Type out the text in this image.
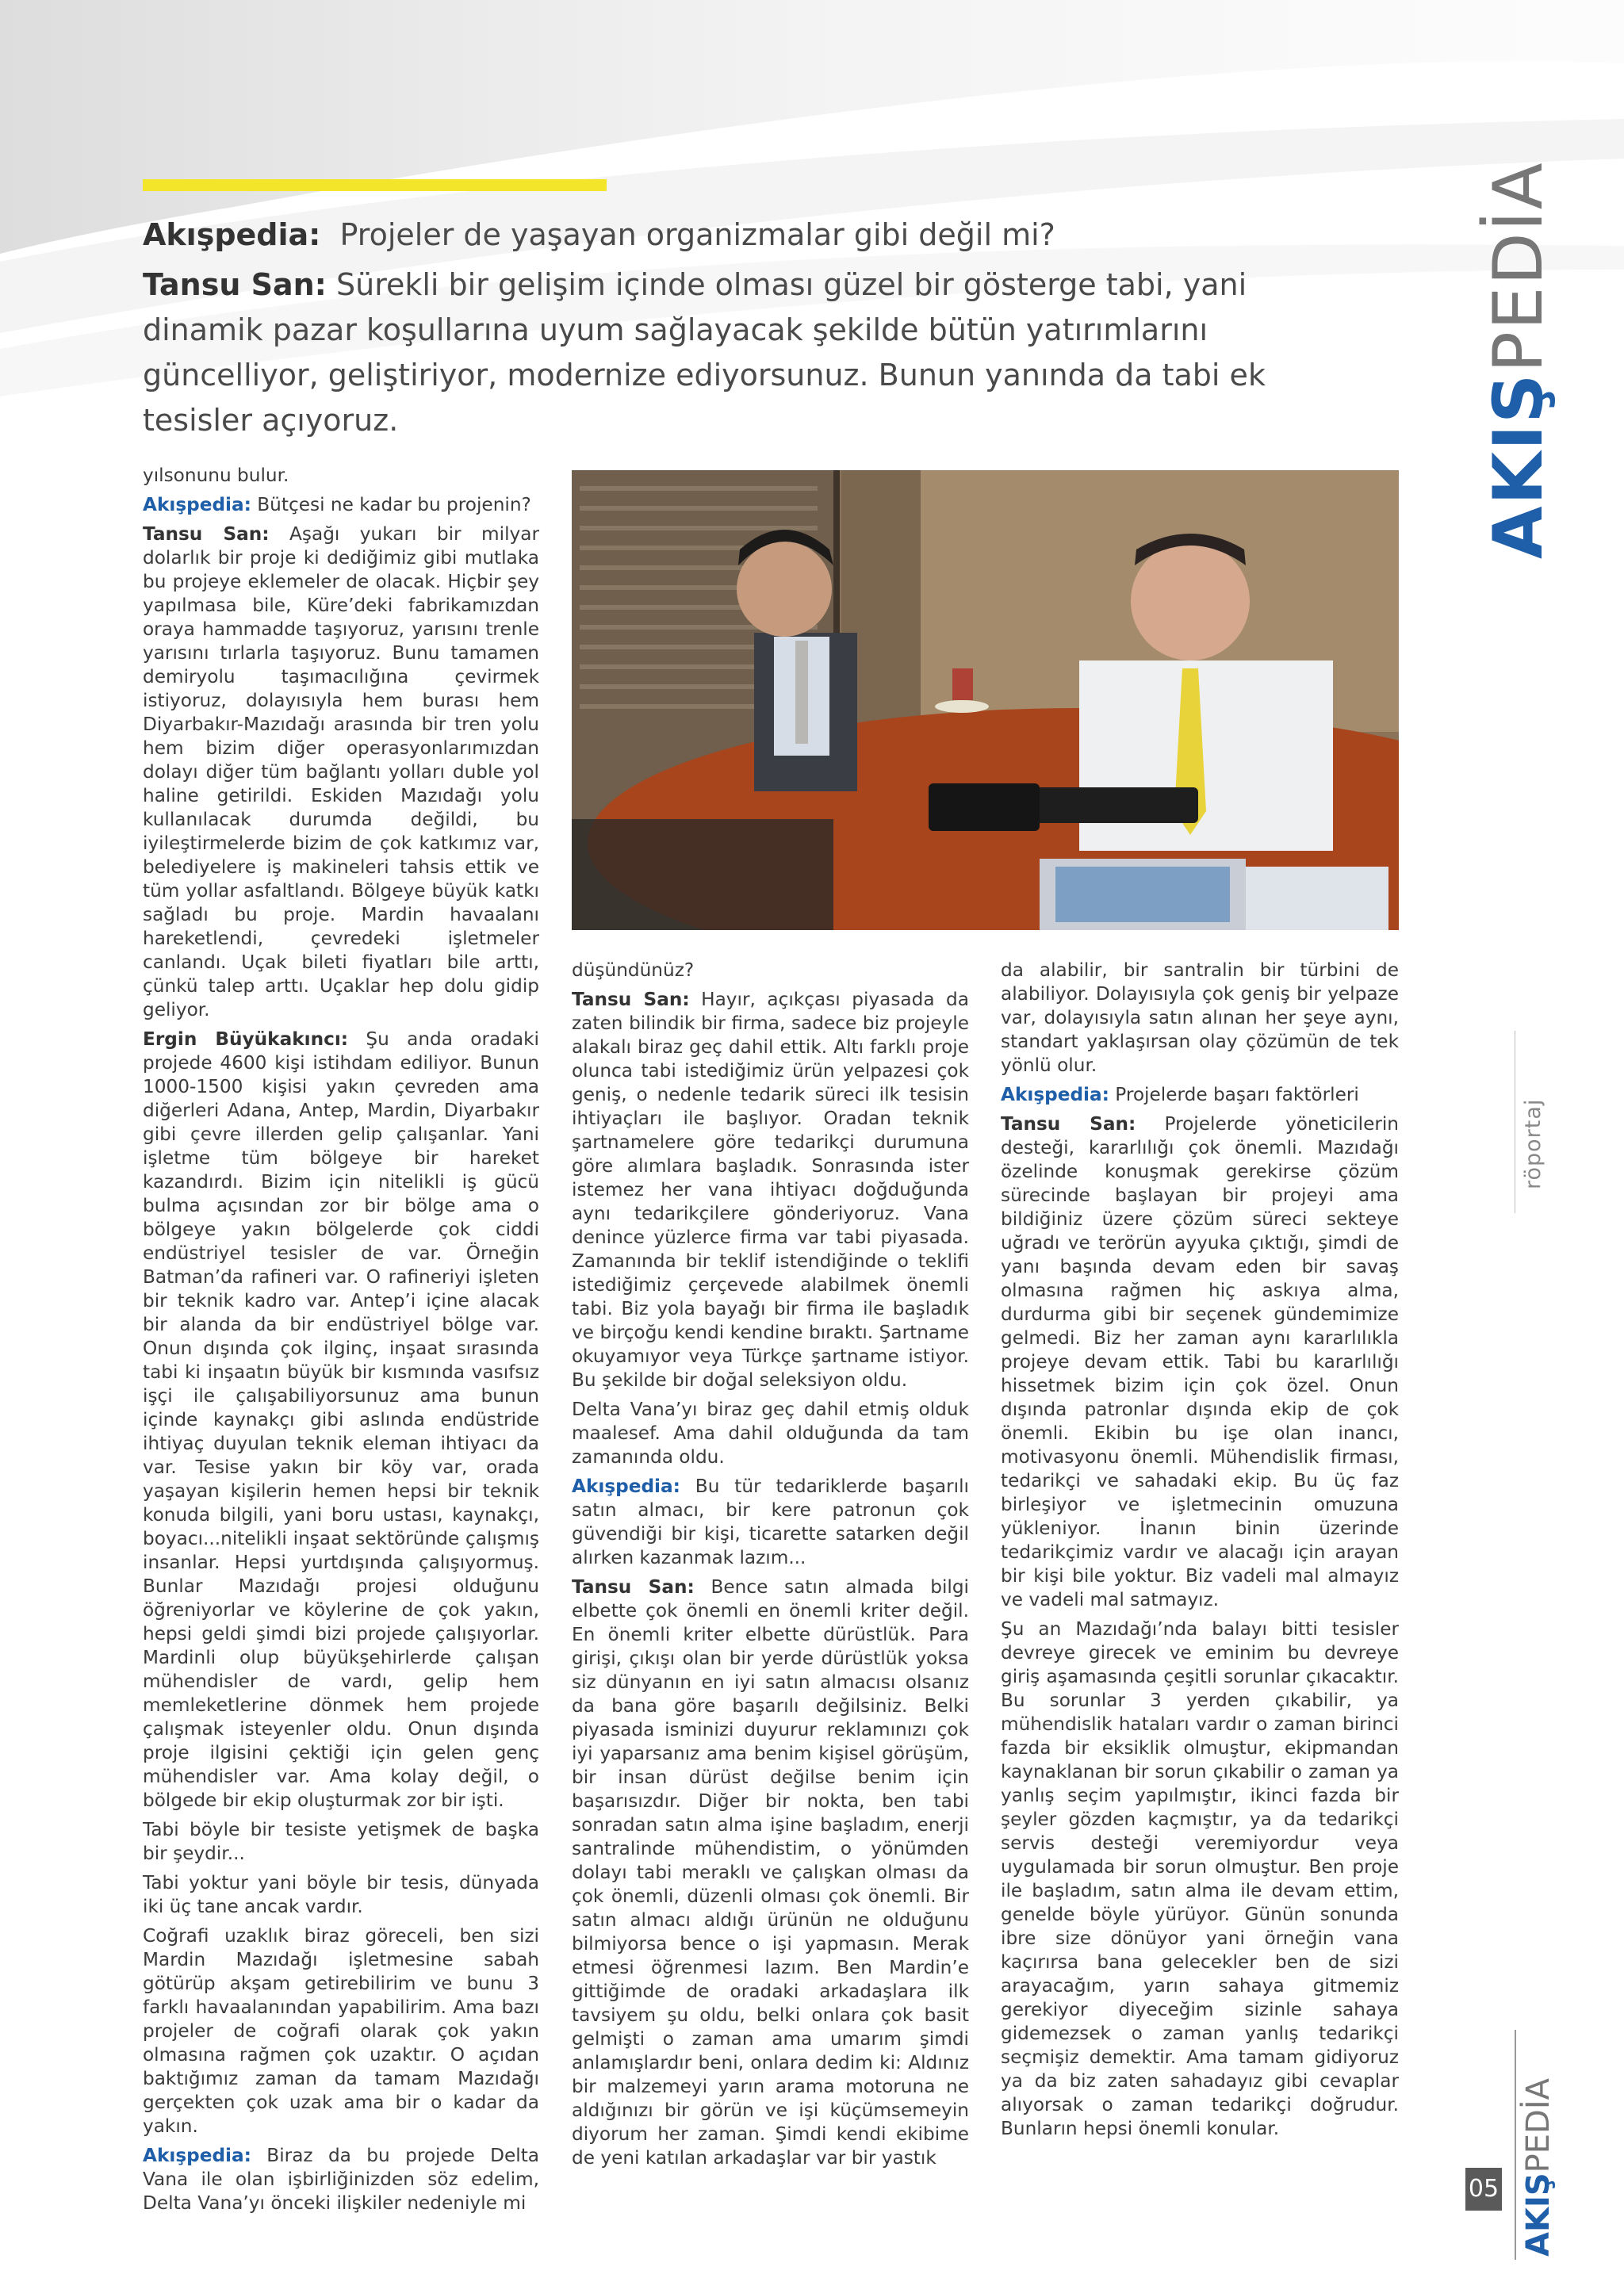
Akışpedia: Projeler de yaşayan organizmalar gibi değil mi?

Tansu San: Sürekli bir gelişim içinde olması güzel bir gösterge tabi, yani dinamik pazar koşullarına uyum sağlayacak şekilde bütün yatırımlarını güncelliyor, geliştiriyor, modernize ediyorsunuz. Bunun yanında da tabi ek tesisler açıyoruz.	AKIŞPEDİA
röportaj

yılsonunu bulur.

Akışpedia: Bütçesi ne kadar bu projenin?

Tansu San: Aşağı yukarı bir milyar dolarlık bir proje ki dediğimiz gibi mutlaka bu projeye eklemeler de olacak. Hiçbir şey yapılmasa bile, Küre’deki fabrikamızdan oraya hammadde taşıyoruz, yarısını trenle yarısını tırlarla taşıyoruz. Bunu tamamen demiryolu taşımacılığına çevirmek istiyoruz, dolayısıyla hem burası hem Diyarbakır-Mazıdağı arasında bir tren yolu hem bizim diğer operasyonlarımızdan dolayı diğer tüm bağlantı yolları duble yol haline getirildi. Eskiden Mazıdağı yolu kullanılacak durumda değildi, bu iyileştirmelerde bizim de çok katkımız var, belediyelere iş makineleri tahsis ettik ve tüm yollar asfaltlandı. Bölgeye büyük katkı sağladı bu proje. Mardin havaalanı hareketlendi, çevredeki işletmeler canlandı. Uçak bileti fiyatları bile arttı, çünkü talep arttı. Uçaklar hep dolu gidip geliyor.

Ergin Büyükakıncı: Şu anda oradaki projede 4600 kişi istihdam ediliyor. Bunun 1000-1500 kişisi yakın çevreden ama diğerleri Adana, Antep, Mardin, Diyarbakır gibi çevre illerden gelip çalışanlar. Yani işletme tüm bölgeye bir hareket kazandırdı. Bizim için nitelikli iş gücü bulma açısından zor bir bölge ama o bölgeye yakın bölgelerde çok ciddi endüstriyel tesisler de var. Örneğin Batman’da rafineri var. O rafineriyi işleten bir teknik kadro var. Antep’i içine alacak bir alanda da bir endüstriyel bölge var. Onun dışında çok ilginç, inşaat sırasında tabi ki inşaatın büyük bir kısmında vasıfsız işçi ile çalışabiliyorsunuz ama bunun içinde kaynakçı gibi aslında endüstride ihtiyaç duyulan teknik eleman ihtiyacı da var. Tesise yakın bir köy var, orada yaşayan kişilerin hemen hepsi bir teknik konuda bilgili, yani boru ustası, kaynakçı, boyacı...nitelikli inşaat sektöründe çalışmış insanlar. Hepsi yurtdışında çalışıyormuş. Bunlar Mazıdağı projesi olduğunu öğreniyorlar ve köylerine de çok yakın, hepsi geldi şimdi bizi projede çalışıyorlar. Mardinli olup büyükşehirlerde çalışan mühendisler de vardı, gelip hem memleketlerine dönmek hem projede çalışmak isteyenler oldu. Onun dışında proje ilgisini çektiği için gelen genç mühendisler var. Ama kolay değil, o bölgede bir ekip oluşturmak zor bir işti.

Tabi böyle bir tesiste yetişmek de başka bir şeydir...

Tabi yoktur yani böyle bir tesis, dünyada iki üç tane ancak vardır.

Coğrafi uzaklık biraz göreceli, ben sizi Mardin Mazıdağı işletmesine sabah götürüp akşam getirebilirim ve bunu 3 farklı havaalanından yapabilirim. Ama bazı projeler de coğrafi olarak çok yakın olmasına rağmen çok uzaktır. O açıdan baktığımız zaman da tamam Mazıdağı gerçekten çok uzak ama bir o kadar da yakın.

Akışpedia: Biraz da bu projede Delta Vana ile olan işbirliğinizden söz edelim, Delta Vana’yı önceki ilişkiler nedeniyle mi

düşündünüz?

Tansu San: Hayır, açıkçası piyasada da zaten bilindik bir firma, sadece biz projeyle alakalı biraz geç dahil ettik. Altı farklı proje olunca tabi istediğimiz ürün yelpazesi çok geniş, o nedenle tedarik süreci ilk tesisin ihtiyaçları ile başlıyor. Oradan teknik şartnamelere göre tedarikçi durumuna göre alımlara başladık. Sonrasında ister istemez her vana ihtiyacı doğduğunda aynı tedarikçilere gönderiyoruz. Vana denince yüzlerce firma var tabi piyasada. Zamanında bir teklif istendiğinde o teklifi istediğimiz çerçevede alabilmek önemli tabi. Biz yola bayağı bir firma ile başladık ve birçoğu kendi kendine bıraktı. Şartname okuyamıyor veya Türkçe şartname istiyor. Bu şekilde bir doğal seleksiyon oldu.

Delta Vana’yı biraz geç dahil etmiş olduk maalesef. Ama dahil olduğunda da tam zamanında oldu.

Akışpedia: Bu tür tedariklerde başarılı satın almacı, bir kere patronun çok güvendiği bir kişi, ticarette satarken değil alırken kazanmak lazım...

Tansu San: Bence satın almada bilgi elbette çok önemli en önemli kriter değil. En önemli kriter elbette dürüstlük. Para girişi, çıkışı olan bir yerde dürüstlük yoksa siz dünyanın en iyi satın almacısı olsanız da bana göre başarılı değilsiniz. Belki piyasada isminizi duyurur reklamınızı çok iyi yaparsanız ama benim kişisel görüşüm, bir insan dürüst değilse benim için başarısızdır. Diğer bir nokta, ben tabi sonradan satın alma işine başladım, enerji santralinde mühendistim, o yönümden dolayı tabi meraklı ve çalışkan olması da çok önemli, düzenli olması çok önemli. Bir satın almacı aldığı ürünün ne olduğunu bilmiyorsa bence o işi yapmasın. Merak etmesi öğrenmesi lazım. Ben Mardin’e gittiğimde de oradaki arkadaşlara ilk tavsiyem şu oldu, belki onlara çok basit gelmişti o zaman ama umarım şimdi anlamışlardır beni, onlara dedim ki: Aldınız bir malzemeyi yarın arama motoruna ne aldığınızı bir görün ve işi küçümsemeyin diyorum her zaman. Şimdi kendi ekibime de yeni katılan arkadaşlar var bir yastık

da alabilir, bir santralin bir türbini de alabiliyor. Dolayısıyla çok geniş bir yelpaze var, dolayısıyla satın alınan her şeye aynı, standart yaklaşırsan olay çözümün de tek yönlü olur.

Akışpedia: Projelerde başarı faktörleri

Tansu San: Projelerde yöneticilerin desteği, kararlılığı çok önemli. Mazıdağı özelinde konuşmak gerekirse çözüm sürecinde başlayan bir projeyi ama bildiğiniz üzere çözüm süreci sekteye uğradı ve terörün ayyuka çıktığı, şimdi de yanı başında devam eden bir savaş olmasına rağmen hiç askıya alma, durdurma gibi bir seçenek gündemimize gelmedi. Biz her zaman aynı kararlılıkla projeye devam ettik. Tabi bu kararlılığı hissetmek bizim için çok özel. Onun dışında patronlar dışında ekip de çok önemli. Ekibin bu işe olan inancı, motivasyonu önemli. Mühendislik firması, tedarikçi ve sahadaki ekip. Bu üç faz birleşiyor ve işletmecinin omuzuna yükleniyor. İnanın binin üzerinde tedarikçimiz vardır ve alacağı için arayan bir kişi bile yoktur. Biz vadeli mal almayız ve vadeli mal satmayız.

Şu an Mazıdağı’nda balayı bitti tesisler devreye girecek ve eminim bu devreye giriş aşamasında çeşitli sorunlar çıkacaktır. Bu sorunlar 3 yerden çıkabilir, ya mühendislik hataları vardır o zaman birinci fazda bir eksiklik olmuştur, ekipmandan kaynaklanan bir sorun çıkabilir o zaman ya yanlış seçim yapılmıştır, ikinci fazda bir şeyler gözden kaçmıştır, ya da tedarikçi servis desteği veremiyordur veya uygulamada bir sorun olmuştur. Ben proje ile başladım, satın alma ile devam ettim, genelde böyle yürüyor. Günün sonunda ibre size dönüyor yani örneğin vana kaçırırsa bana gelecekler ben de sizi arayacağım, yarın sahaya gitmemiz gerekiyor diyeceğim sizinle sahaya gidemezsek o zaman yanlış tedarikçi seçmişiz demektir. Ama tamam gidiyoruz ya da biz zaten sahadayız gibi cevaplar alıyorsak o zaman tedarikçi doğrudur. Bunların hepsi önemli konular.

AKIŞPEDİA
05
